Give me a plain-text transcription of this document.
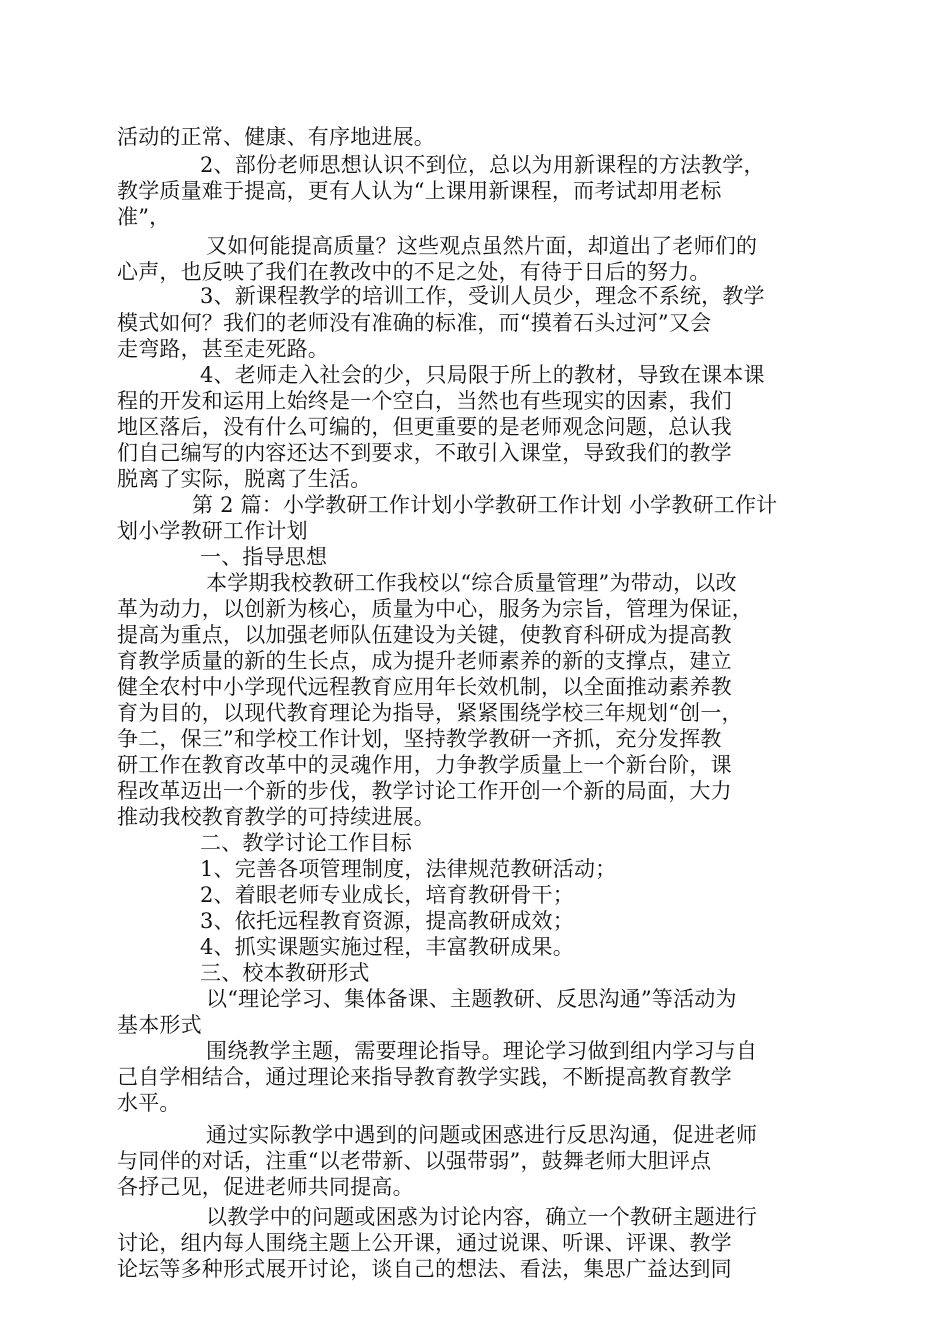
活动的正常、健康、有序地进展。
2、部份老师思想认识不到位，总以为用新课程的方法教学，
教学质量难于提高，更有人认为“上课用新课程，而考试却用老标
准”，
又如何能提高质量？这些观点虽然片面，却道出了老师们的
心声，也反映了我们在教改中的不足之处，有待于日后的努力。
3、新课程教学的培训工作，受训人员少，理念不系统，教学
模式如何？我们的老师没有准确的标准，而“摸着石头过河”又会
走弯路，甚至走死路。
4、老师走入社会的少，只局限于所上的教材，导致在课本课
程的开发和运用上始终是一个空白，当然也有些现实的因素，我们
地区落后，没有什么可编的，但更重要的是老师观念问题，总认我
们自己编写的内容还达不到要求，不敢引入课堂，导致我们的教学
脱离了实际，脱离了生活。
第 2 篇：小学教研工作计划小学教研工作计划 小学教研工作计
划小学教研工作计划
一、指导思想
本学期我校教研工作我校以“综合质量管理”为带动，以改
革为动力，以创新为核心，质量为中心，服务为宗旨，管理为保证，
提高为重点，以加强老师队伍建设为关键，使教育科研成为提高教
育教学质量的新的生长点，成为提升老师素养的新的支撑点，建立
健全农村中小学现代远程教育应用年长效机制，以全面推动素养教
育为目的，以现代教育理论为指导，紧紧围绕学校三年规划“创一，
争二，保三”和学校工作计划，坚持教学教研一齐抓，充分发挥教
研工作在教育改革中的灵魂作用，力争教学质量上一个新台阶，课
程改革迈出一个新的步伐，教学讨论工作开创一个新的局面，大力
推动我校教育教学的可持续进展。
二、教学讨论工作目标
1、完善各项管理制度，法律规范教研活动；
2、着眼老师专业成长，培育教研骨干；
3、依托远程教育资源，提高教研成效；
4、抓实课题实施过程，丰富教研成果。
三、校本教研形式
以“理论学习、集体备课、主题教研、反思沟通”等活动为
基本形式
围绕教学主题，需要理论指导。理论学习做到组内学习与自
己自学相结合，通过理论来指导教育教学实践，不断提高教育教学
水平。
通过实际教学中遇到的问题或困惑进行反思沟通，促进老师
与同伴的对话，注重“以老带新、以强带弱”，鼓舞老师大胆评点
各抒己见，促进老师共同提高。
以教学中的问题或困惑为讨论内容，确立一个教研主题进行
讨论，组内每人围绕主题上公开课，通过说课、听课、评课、教学
论坛等多种形式展开讨论，谈自己的想法、看法，集思广益达到同
